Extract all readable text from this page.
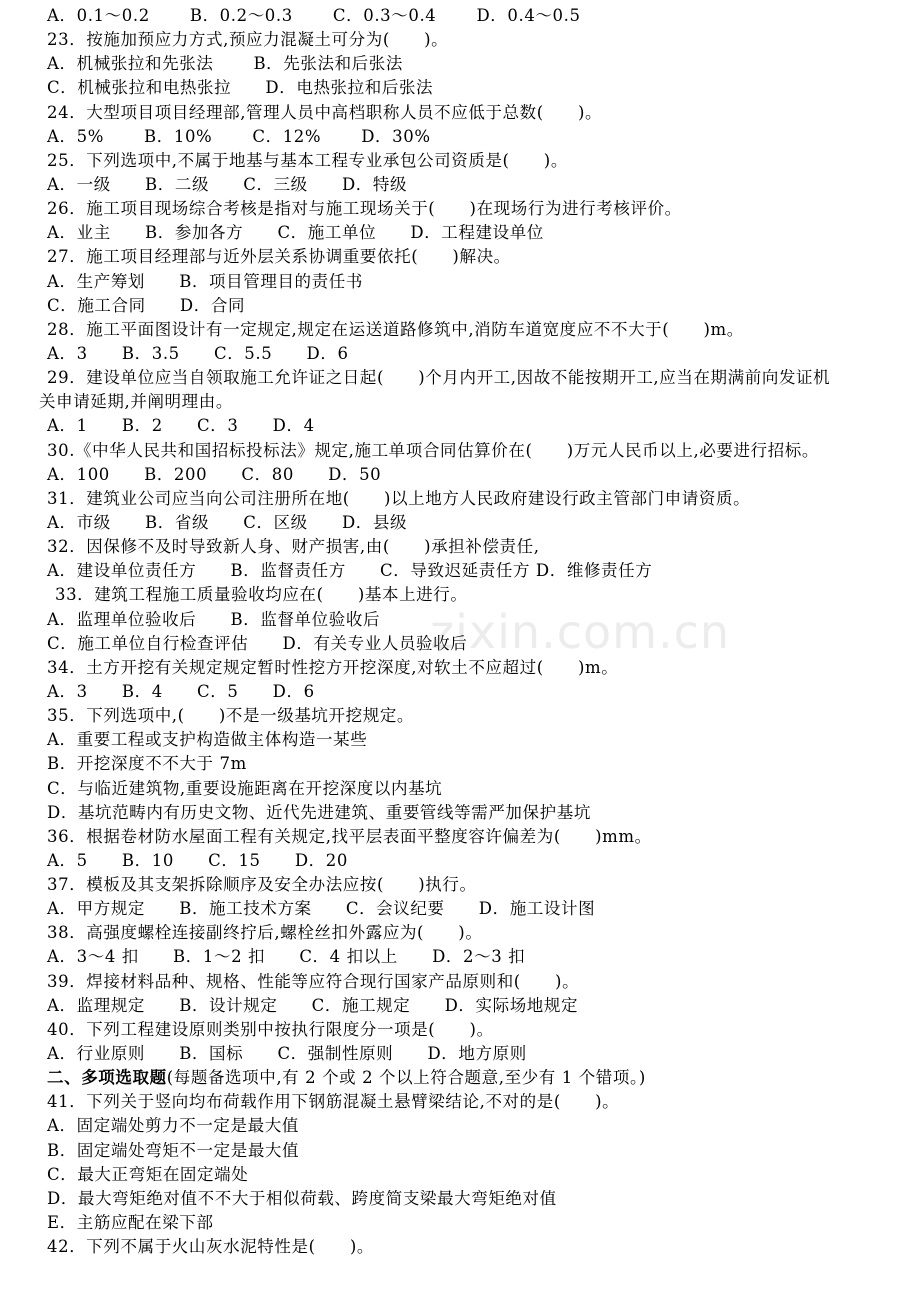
A．0.1～0.2　　 B．0.2～0.3　　 C．0.3～0.4　　 D．0.4～0.5
23．按施加预应力方式,预应力混凝土可分为(　　)。
A．机械张拉和先张法　　 B．先张法和后张法
C．机械张拉和电热张拉　　D．电热张拉和后张法
24．大型项目项目经理部,管理人员中高档职称人员不应低于总数(　　)。
A．5%　　 B．10%　　 C．12%　　 D．30%
25．下列选项中,不属于地基与基本工程专业承包公司资质是(　　)。
A．一级　　B．二级　　C．三级　　D．特级
26．施工项目现场综合考核是指对与施工现场关于(　　)在现场行为进行考核评价。
A．业主　　B．参加各方　　C．施工单位　　D．工程建设单位
27．施工项目经理部与近外层关系协调重要依托(　　)解决。
A．生产筹划　　B．项目管理目的责任书
C．施工合同　　D．合同
28．施工平面图设计有一定规定,规定在运送道路修筑中,消防车道宽度应不不大于(　　)m。
A．3　　B．3.5　　C．5.5　　D．6
29．建设单位应当自领取施工允许证之日起(　　)个月内开工,因故不能按期开工,应当在期满前向发证机
关申请延期,并阐明理由。
A．1　　B．2　　C．3　　D．4
30.《中华人民共和国招标投标法》规定,施工单项合同估算价在(　　)万元人民币以上,必要进行招标。
A．100　　B．200　　C．80　　D．50
31．建筑业公司应当向公司注册所在地(　　)以上地方人民政府建设行政主管部门申请资质。
A．市级　　B．省级　　C．区级　　D．县级
32．因保修不及时导致新人身、财产损害,由(　　)承担补偿责任,
A．建设单位责任方　　B．监督责任方　　C．导致迟延责任方 D．维修责任方
33．建筑工程施工质量验收均应在(　　)基本上进行。
A．监理单位验收后　　B．监督单位验收后
C．施工单位自行检查评估　　D．有关专业人员验收后
34．土方开挖有关规定规定暂时性挖方开挖深度,对软土不应超过(　　)m。
A．3　　B．4　　C．5　　D．6
35．下列选项中,(　　)不是一级基坑开挖规定。
A．重要工程或支护构造做主体构造一某些
B．开挖深度不不大于 7m
C．与临近建筑物,重要设施距离在开挖深度以内基坑
D．基坑范畴内有历史文物、近代先进建筑、重要管线等需严加保护基坑
36．根据卷材防水屋面工程有关规定,找平层表面平整度容许偏差为(　　)mm。
A．5　　B．10　　C．15　　D．20
37．模板及其支架拆除顺序及安全办法应按(　　)执行。
A．甲方规定　　B．施工技术方案　　C．会议纪要　　D．施工设计图
38．高强度螺栓连接副终拧后,螺栓丝扣外露应为(　　)。
A．3～4 扣　　B．1～2 扣　　C．4 扣以上　　D．2～3 扣
39．焊接材料品种、规格、性能等应符合现行国家产品原则和(　　)。
A．监理规定　　B．设计规定　　C．施工规定　　D．实际场地规定
40．下列工程建设原则类别中按执行限度分一项是(　　)。
A．行业原则　　B．国标　　C．强制性原则　　D．地方原则
二、多项选取题(每题备选项中,有 2 个或 2 个以上符合题意,至少有 1 个错项。)
41．下列关于竖向均布荷载作用下钢筋混凝土悬臂梁结论,不对的是(　　)。
A．固定端处剪力不一定是最大值
B．固定端处弯矩不一定是最大值
C．最大正弯矩在固定端处
D．最大弯矩绝对值不不大于相似荷载、跨度简支梁最大弯矩绝对值
E．主筋应配在梁下部
42．下列不属于火山灰水泥特性是(　　)。
zixin.com.cn
